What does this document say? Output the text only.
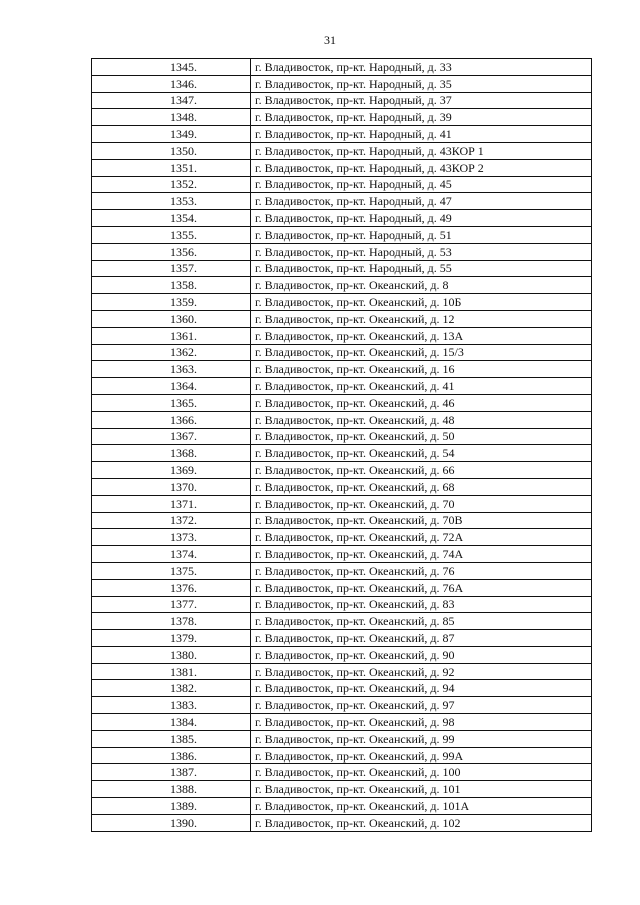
31
1345.	г. Владивосток, пр-кт. Народный, д. 33
1346.	г. Владивосток, пр-кт. Народный, д. 35
1347.	г. Владивосток, пр-кт. Народный, д. 37
1348.	г. Владивосток, пр-кт. Народный, д. 39
1349.	г. Владивосток, пр-кт. Народный, д. 41
1350.	г. Владивосток, пр-кт. Народный, д. 43КОР 1
1351.	г. Владивосток, пр-кт. Народный, д. 43КОР 2
1352.	г. Владивосток, пр-кт. Народный, д. 45
1353.	г. Владивосток, пр-кт. Народный, д. 47
1354.	г. Владивосток, пр-кт. Народный, д. 49
1355.	г. Владивосток, пр-кт. Народный, д. 51
1356.	г. Владивосток, пр-кт. Народный, д. 53
1357.	г. Владивосток, пр-кт. Народный, д. 55
1358.	г. Владивосток, пр-кт. Океанский, д. 8
1359.	г. Владивосток, пр-кт. Океанский, д. 10Б
1360.	г. Владивосток, пр-кт. Океанский, д. 12
1361.	г. Владивосток, пр-кт. Океанский, д. 13А
1362.	г. Владивосток, пр-кт. Океанский, д. 15/3
1363.	г. Владивосток, пр-кт. Океанский, д. 16
1364.	г. Владивосток, пр-кт. Океанский, д. 41
1365.	г. Владивосток, пр-кт. Океанский, д. 46
1366.	г. Владивосток, пр-кт. Океанский, д. 48
1367.	г. Владивосток, пр-кт. Океанский, д. 50
1368.	г. Владивосток, пр-кт. Океанский, д. 54
1369.	г. Владивосток, пр-кт. Океанский, д. 66
1370.	г. Владивосток, пр-кт. Океанский, д. 68
1371.	г. Владивосток, пр-кт. Океанский, д. 70
1372.	г. Владивосток, пр-кт. Океанский, д. 70В
1373.	г. Владивосток, пр-кт. Океанский, д. 72А
1374.	г. Владивосток, пр-кт. Океанский, д. 74А
1375.	г. Владивосток, пр-кт. Океанский, д. 76
1376.	г. Владивосток, пр-кт. Океанский, д. 76А
1377.	г. Владивосток, пр-кт. Океанский, д. 83
1378.	г. Владивосток, пр-кт. Океанский, д. 85
1379.	г. Владивосток, пр-кт. Океанский, д. 87
1380.	г. Владивосток, пр-кт. Океанский, д. 90
1381.	г. Владивосток, пр-кт. Океанский, д. 92
1382.	г. Владивосток, пр-кт. Океанский, д. 94
1383.	г. Владивосток, пр-кт. Океанский, д. 97
1384.	г. Владивосток, пр-кт. Океанский, д. 98
1385.	г. Владивосток, пр-кт. Океанский, д. 99
1386.	г. Владивосток, пр-кт. Океанский, д. 99А
1387.	г. Владивосток, пр-кт. Океанский, д. 100
1388.	г. Владивосток, пр-кт. Океанский, д. 101
1389.	г. Владивосток, пр-кт. Океанский, д. 101А
1390.	г. Владивосток, пр-кт. Океанский, д. 102
